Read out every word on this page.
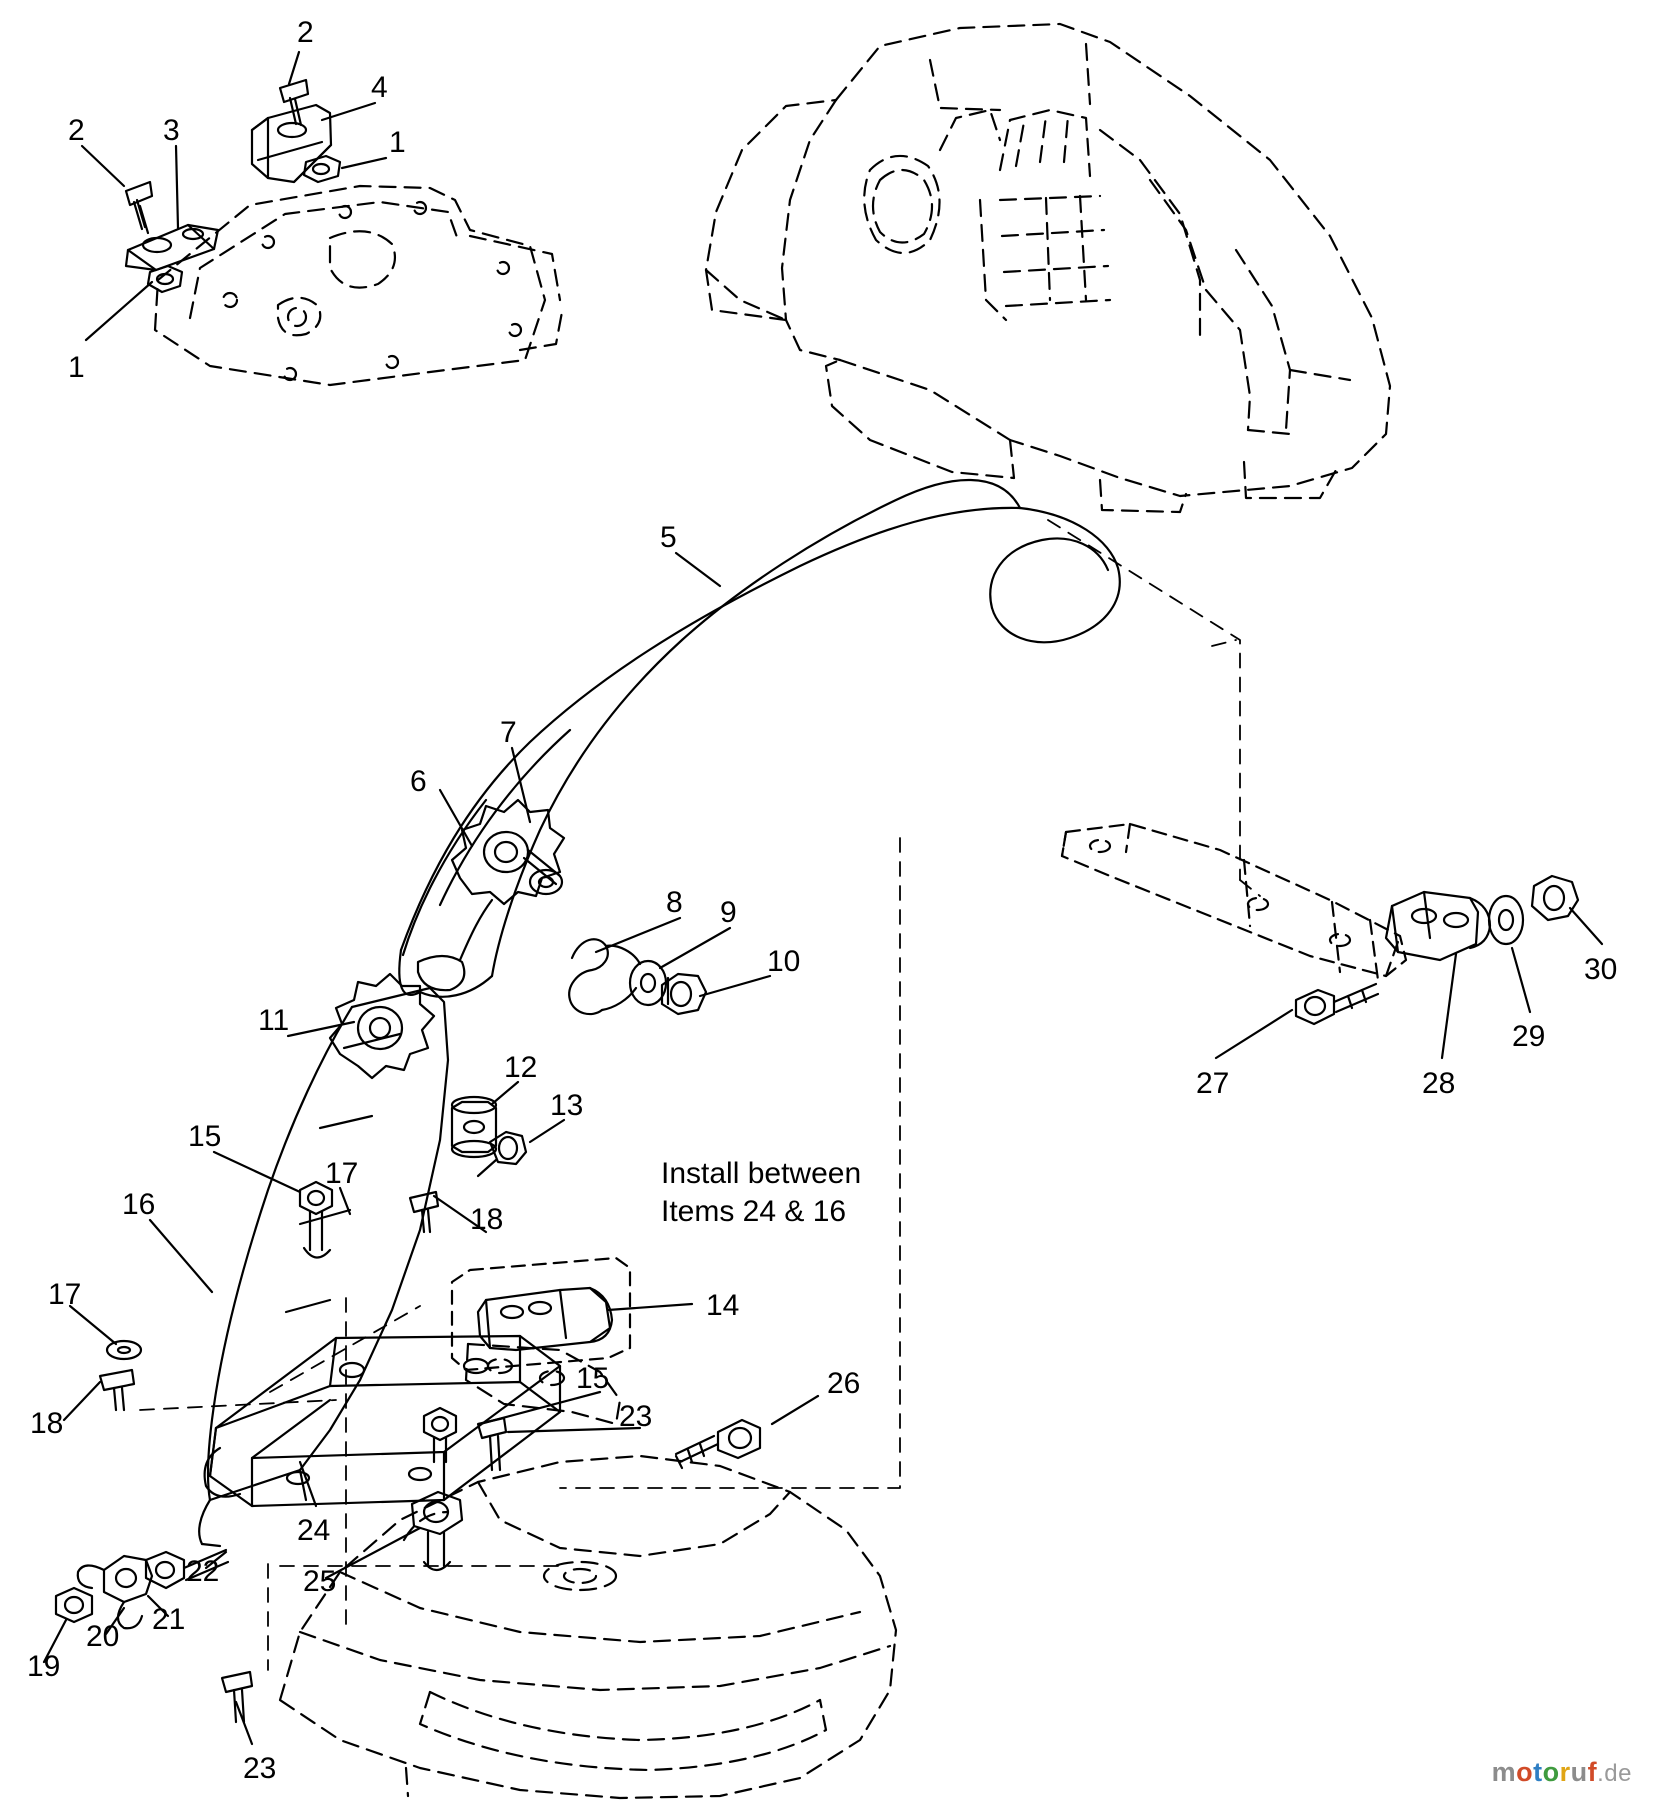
2
4
2	3	1
1
5
7
6
8 9
10
11
12
13
15
17
16	18
17	14
18
26
15
23
24
25
22
21
20
19
23
27	28
29
30
Install between
Items 24 & 16
motoruf.de
